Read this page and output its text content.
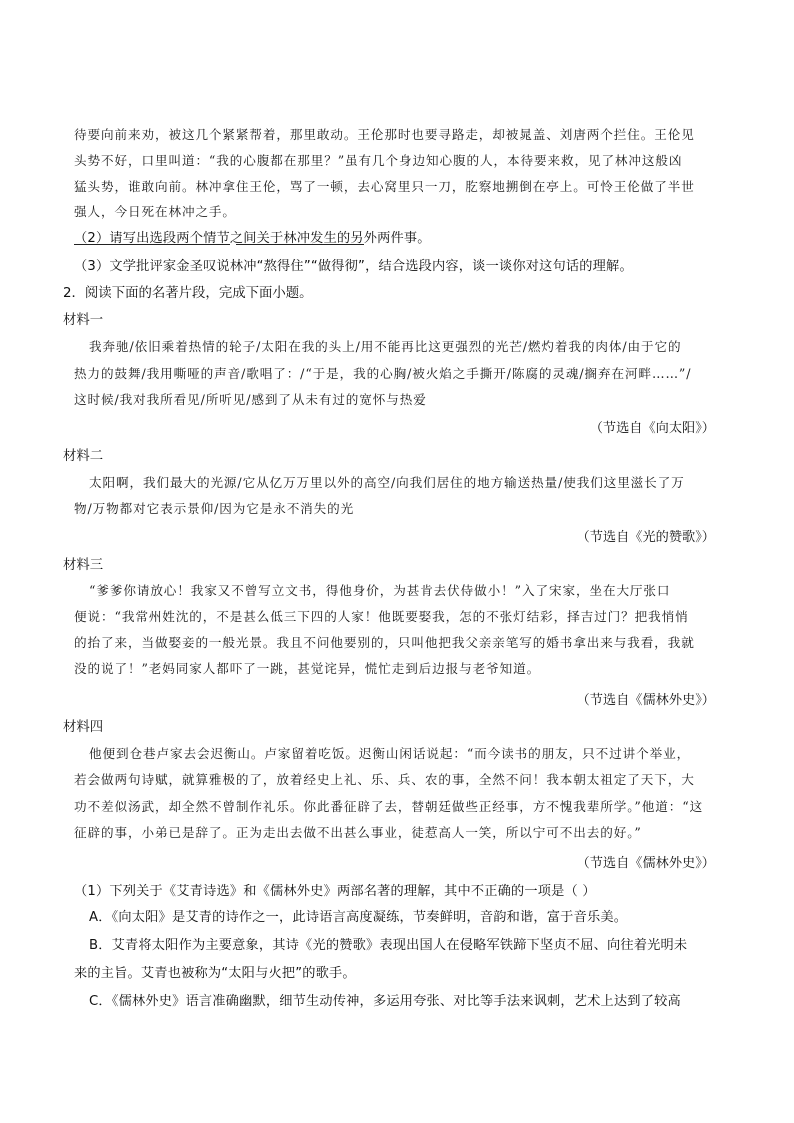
待要向前来劝，被这几个紧紧帮着，那里敢动。王伦那时也要寻路走，却被晁盖、刘唐两个拦住。王伦见
头势不好，口里叫道：“我的心腹都在那里？”虽有几个身边知心腹的人，本待要来救，见了林冲这般凶
猛头势，谁敢向前。林冲拿住王伦，骂了一顿，去心窝里只一刀，肐察地搠倒在亭上。可怜王伦做了半世
强人，今日死在林冲之手。
（2）请写出选段两个情节之间关于林冲发生的另外两件事。
（3）文学批评家金圣叹说林冲“熬得住”“做得彻”，结合选段内容，谈一谈你对这句话的理解。
2．阅读下面的名著片段，完成下面小题。
材料一
我奔驰/依旧乘着热情的轮子/太阳在我的头上/用不能再比这更强烈的光芒/燃灼着我的肉体/由于它的
热力的鼓舞/我用嘶哑的声音/歌唱了：/“于是，我的心胸/被火焰之手撕开/陈腐的灵魂/搁弃在河畔……”/
这时候/我对我所看见/所听见/感到了从未有过的宽怀与热爱
（节选自《向太阳》）
材料二
太阳啊，我们最大的光源/它从亿万万里以外的高空/向我们居住的地方输送热量/使我们这里滋长了万
物/万物都对它表示景仰/因为它是永不消失的光
（节选自《光的赞歌》）
材料三
“爹爹你请放心！我家又不曾写立文书，得他身价，为甚肯去伏侍做小！”入了宋家，坐在大厅张口
便说：“我常州姓沈的，不是甚么低三下四的人家！他既要娶我，怎的不张灯结彩，择吉过门？把我悄悄
的抬了来，当做娶妾的一般光景。我且不问他要别的，只叫他把我父亲亲笔写的婚书拿出来与我看，我就
没的说了！”老妈同家人都吓了一跳，甚觉诧异，慌忙走到后边报与老爷知道。
（节选自《儒林外史》）
材料四
他便到仓巷卢家去会迟衡山。卢家留着吃饭。迟衡山闲话说起：“而今读书的朋友，只不过讲个举业，
若会做两句诗赋，就算雅极的了，放着经史上礼、乐、兵、农的事，全然不问！我本朝太祖定了天下，大
功不差似汤武，却全然不曾制作礼乐。你此番征辟了去，替朝廷做些正经事，方不愧我辈所学。”他道：“这
征辟的事，小弟已是辞了。正为走出去做不出甚么事业，徒惹高人一笑，所以宁可不出去的好。”
（节选自《儒林外史》）
（1）下列关于《艾青诗选》和《儒林外史》两部名著的理解，其中不正确的一项是（ ）
A．《向太阳》是艾青的诗作之一，此诗语言高度凝练，节奏鲜明，音韵和谐，富于音乐美。
B．艾青将太阳作为主要意象，其诗《光的赞歌》表现出国人在侵略军铁蹄下坚贞不屈、向往着光明未
来的主旨。艾青也被称为“太阳与火把”的歌手。
C．《儒林外史》语言准确幽默，细节生动传神，多运用夸张、对比等手法来讽刺，艺术上达到了较高
